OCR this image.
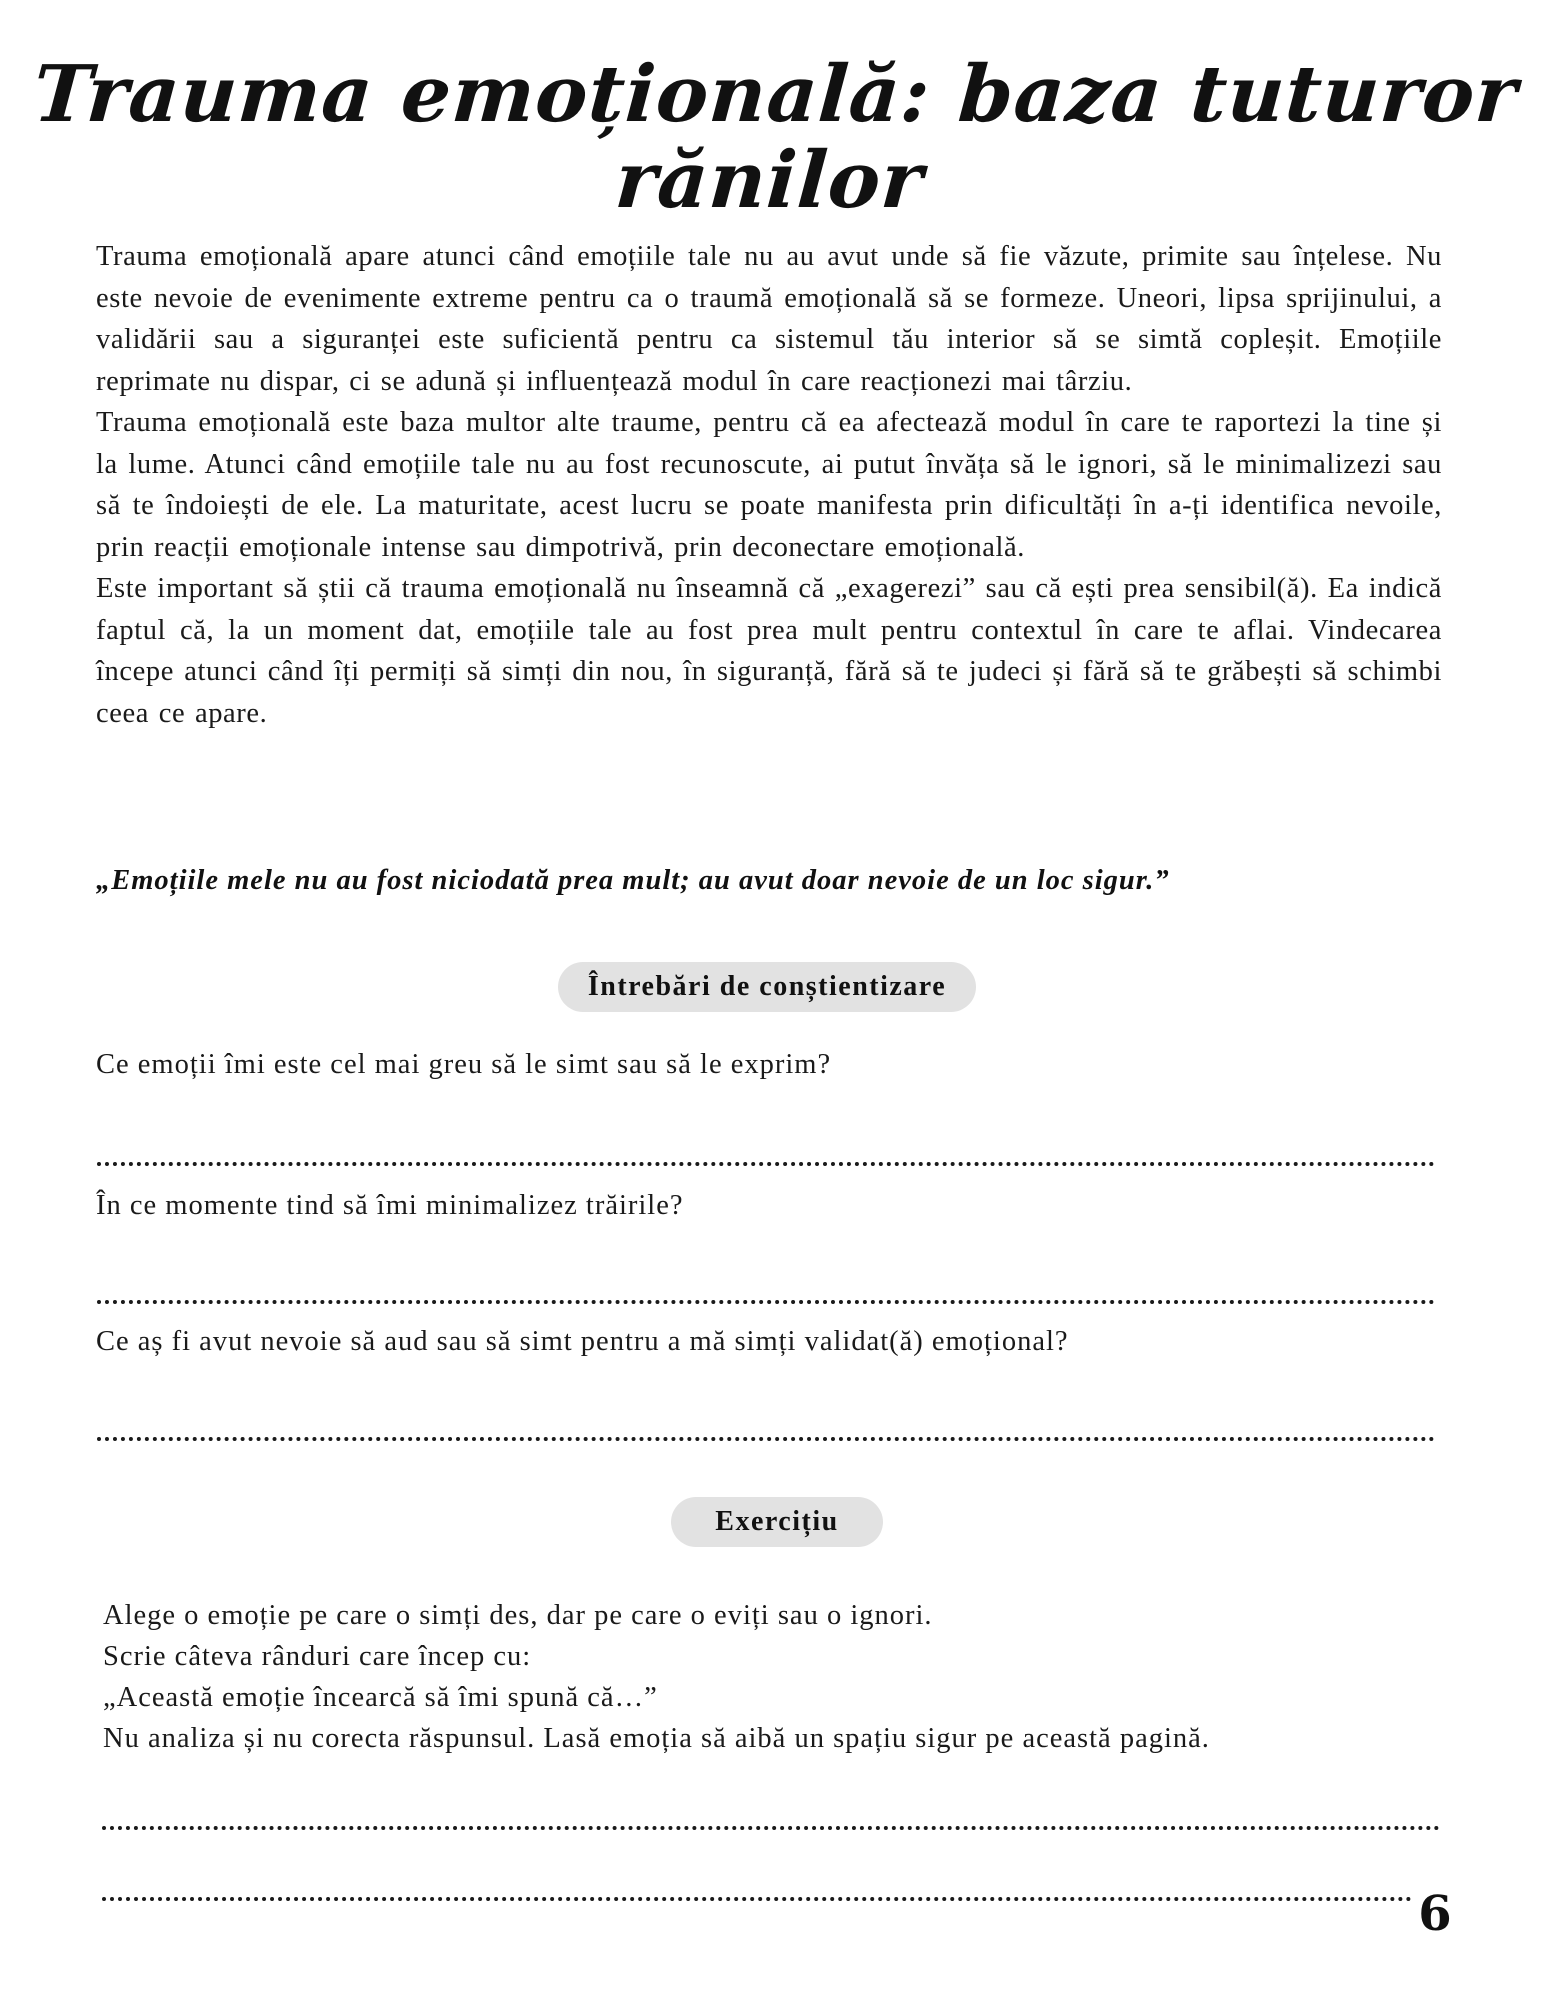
Trauma emoțională: baza tuturor
rănilor

Trauma emoțională apare atunci când emoțiile tale nu au avut unde să fie văzute, primite sau înțelese. Nu este nevoie de evenimente extreme pentru ca o traumă emoțională să se formeze. Uneori, lipsa sprijinului, a validării sau a siguranței este suficientă pentru ca sistemul tău interior să se simtă copleșit. Emoțiile reprimate nu dispar, ci se adună și influențează modul în care reacționezi mai târziu.

Trauma emoțională este baza multor alte traume, pentru că ea afectează modul în care te raportezi la tine și la lume. Atunci când emoțiile tale nu au fost recunoscute, ai putut învăța să le ignori, să le minimalizezi sau să te îndoiești de ele. La maturitate, acest lucru se poate manifesta prin dificultăți în a-ți identifica nevoile, prin reacții emoționale intense sau dimpotrivă, prin deconectare emoțională.

Este important să știi că trauma emoțională nu înseamnă că „exagerezi” sau că ești prea sensibil(ă). Ea indică faptul că, la un moment dat, emoțiile tale au fost prea mult pentru contextul în care te aflai. Vindecarea începe atunci când îți permiți să simți din nou, în siguranță, fără să te judeci și fără să te grăbești să schimbi ceea ce apare.

„Emoțiile mele nu au fost niciodată prea mult; au avut doar nevoie de un loc sigur.”
Întrebări de conștientizare
Ce emoții îmi este cel mai greu să le simt sau să le exprim?
În ce momente tind să îmi minimalizez trăirile?
Ce aș fi avut nevoie să aud sau să simt pentru a mă simți validat(ă) emoțional?
Exercițiu
Alege o emoție pe care o simți des, dar pe care o eviți sau o ignori.
Scrie câteva rânduri care încep cu:
„Această emoție încearcă să îmi spună că…”
Nu analiza și nu corecta răspunsul. Lasă emoția să aibă un spațiu sigur pe această pagină.
6
